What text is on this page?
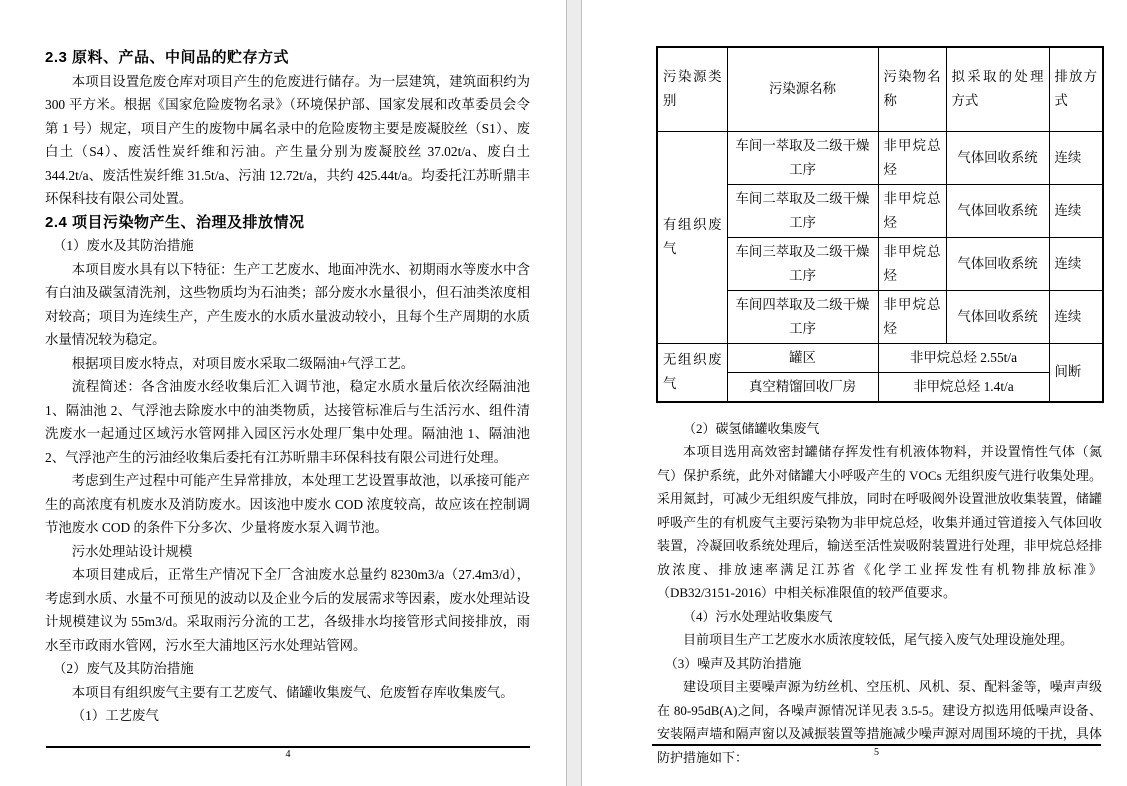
2.3 原料、产品、中间品的贮存方式
本项目设置危废仓库对项目产生的危废进行储存。为一层建筑，建筑面积约为 300 平方米。根据《国家危险废物名录》（环境保护部、国家发展和改革委员会令第 1 号）规定，项目产生的废物中属名录中的危险废物主要是废凝胶丝（S1）、废白土（S4）、废活性炭纤维和污油。产生量分别为废凝胶丝 37.02t/a、废白土 344.2t/a、废活性炭纤维 31.5t/a、污油 12.72t/a，共约 425.44t/a。均委托江苏昕鼎丰环保科技有限公司处置。
2.4 项目污染物产生、治理及排放情况
（1）废水及其防治措施
本项目废水具有以下特征：生产工艺废水、地面冲洗水、初期雨水等废水中含有白油及碳氢清洗剂，这些物质均为石油类；部分废水水量很小，但石油类浓度相对较高；项目为连续生产，产生废水的水质水量波动较小，且每个生产周期的水质水量情况较为稳定。
根据项目废水特点，对项目废水采取二级隔油+气浮工艺。
流程简述：各含油废水经收集后汇入调节池，稳定水质水量后依次经隔油池 1、隔油池 2、气浮池去除废水中的油类物质，达接管标准后与生活污水、组件清洗废水一起通过区域污水管网排入园区污水处理厂集中处理。隔油池 1、隔油池 2、气浮池产生的污油经收集后委托有江苏昕鼎丰环保科技有限公司进行处理。
考虑到生产过程中可能产生异常排放，本处理工艺设置事故池，以承接可能产生的高浓度有机废水及消防废水。因该池中废水 COD 浓度较高，故应该在控制调节池废水 COD 的条件下分多次、少量将废水泵入调节池。
污水处理站设计规模
本项目建成后，正常生产情况下全厂含油废水总量约 8230m3/a（27.4m3/d），考虑到水质、水量不可预见的波动以及企业今后的发展需求等因素，废水处理站设计规模建议为 55m3/d。采取雨污分流的工艺，各级排水均接管形式间接排放，雨水至市政雨水管网，污水至大浦地区污水处理站管网。
（2）废气及其防治措施
本项目有组织废气主要有工艺废气、储罐收集废气、危废暂存库收集废气。
（1）工艺废气
4
污染源类别	污染源名称	污染物名称	拟采取的处理方式	排放方式
有组织废气	车间一萃取及二级干燥工序	非甲烷总烃	气体回收系统	连续
	车间二萃取及二级干燥工序	非甲烷总烃	气体回收系统	连续
	车间三萃取及二级干燥工序	非甲烷总烃	气体回收系统	连续
	车间四萃取及二级干燥工序	非甲烷总烃	气体回收系统	连续
无组织废气	罐区	非甲烷总烃 2.55t/a		间断
	真空精馏回收厂房	非甲烷总烃 1.4t/a		
（2）碳氢储罐收集废气
本项目选用高效密封罐储存挥发性有机液体物料，并设置惰性气体（氮气）保护系统，此外对储罐大小呼吸产生的 VOCs 无组织废气进行收集处理。采用氮封，可减少无组织废气排放，同时在呼吸阀外设置泄放收集装置，储罐呼吸产生的有机废气主要污染物为非甲烷总烃，收集并通过管道接入气体回收装置，冷凝回收系统处理后，输送至活性炭吸附装置进行处理，非甲烷总烃排放浓度、排放速率满足江苏省《化学工业挥发性有机物排放标准》（DB32/3151-2016）中相关标准限值的较严值要求。
（4）污水处理站收集废气
目前项目生产工艺废水水质浓度较低，尾气接入废气处理设施处理。
（3）噪声及其防治措施
建设项目主要噪声源为纺丝机、空压机、风机、泵、配料釜等，噪声声级在 80-95dB(A)之间，各噪声源情况详见表 3.5-5。建设方拟选用低噪声设备、安装隔声墙和隔声窗以及减振装置等措施减少噪声源对周围环境的干扰，具体防护措施如下：	5
